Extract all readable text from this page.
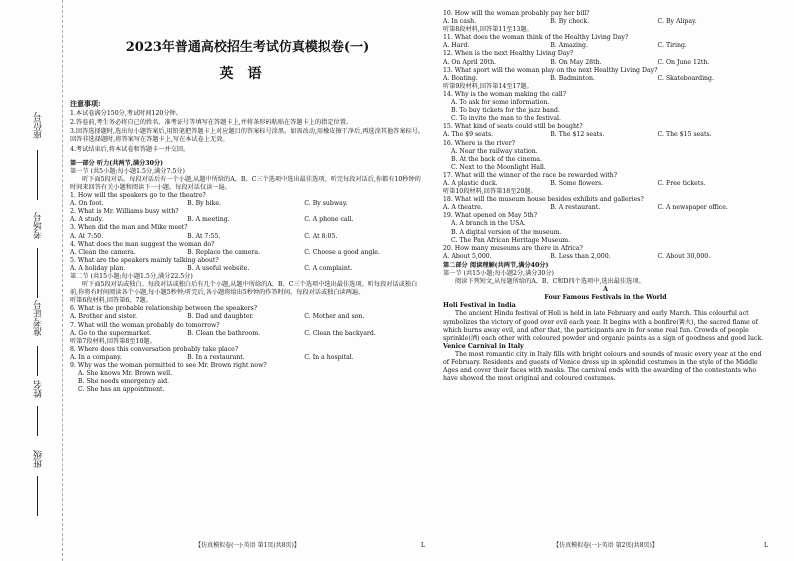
座位号
考场号
准考证号
姓名
班级
2023年普通高校招生考试仿真模拟卷(一)
英语
注意事项:

1.本试卷满分150分,考试时间120分钟。

2.答卷前,考生务必将自己的姓名、准考证号等填写在答题卡上,并将条形码粘贴在答题卡上的指定位置。

3.回答选择题时,选出每小题答案后,用铅笔把答题卡上对应题目的答案标号涂黑。如需改动,用橡皮擦干净后,再选涂其他答案标号。回答非选择题时,将答案写在答题卡上,写在本试卷上无效。

4.考试结束后,将本试卷和答题卡一并交回。

第一部分 听力(共两节,满分30分)

第一节 (共5小题;每小题1.5分,满分7.5分)

听下面5段对话。每段对话后有一个小题,从题中所给的A、B、C三个选项中选出最佳选项。听完每段对话后,你都有10秒钟的时间来回答有关小题和阅读下一小题。每段对话仅读一遍。

1. How will the speakers go to the theatre?

A. On foot.	B. By bike.	C. By subway.

2. What is Mr. Williams busy with?

A. A study.	B. A meeting.	C. A phone call.

3. When did the man and Mike meet?

A. At 7:50.	B. At 7:55.	C. At 8:05.

4. What does the man suggest the woman do?

A. Clean the camera.	B. Replace the camera.	C. Choose a good angle.

5. What are the speakers mainly talking about?

A. A holiday plan.	B. A useful website.	C. A complaint.

第二节 (共15小题;每小题1.5分,满分22.5分)

听下面5段对话或独白。每段对话或独白后有几个小题,从题中所给的A、B、C三个选项中选出最佳选项。听每段对话或独白前,你将有时间阅读各个小题,每小题5秒钟;听完后,各小题将给出5秒钟的作答时间。每段对话或独白读两遍。

听第6段材料,回答第6、7题。

6. What is the probable relationship between the speakers?

A. Brother and sister.	B. Dad and daughter.	C. Mother and son.

7. What will the woman probably do tomorrow?

A. Go to the supermarket.	B. Clean the bathroom.	C. Clean the backyard.

听第7段材料,回答第8至10题。

8. Where does this conversation probably take place?

A. In a company.	B. In a restaurant.	C. In a hospital.

9. Why was the woman permitted to see Mr. Brown right now?

A. She knows Mr. Brown well.

B. She needs emergency aid.

C. She has an appointment.

【仿真模拟卷(一)·英语 第1页(共8页)】	L

10. How will the woman probably pay her bill?

A. In cash.	B. By check.	C. By Alipay.

听第8段材料,回答第11至13题。

11. What does the woman think of the Healthy Living Day?

A. Hard.	B. Amazing.	C. Tiring.

12. When is the next Healthy Living Day?

A. On April 20th.	B. On May 28th.	C. On June 12th.

13. What sport will the woman play on the next Healthy Living Day?

A. Boating.	B. Badminton.	C. Skateboarding.

听第9段材料,回答第14至17题。

14. Why is the woman making the call?

A. To ask for some information.

B. To buy tickets for the jazz band.

C. To invite the man to the festival.

15. What kind of seats could still be bought?

A. The $9 seats.	B. The $12 seats.	C. The $15 seats.

16. Where is the river?

A. Near the railway station.

B. At the back of the cinema.

C. Next to the Moonlight Hall.

17. What will the winner of the race be rewarded with?

A. A plastic duck.	B. Some flowers.	C. Free tickets.

听第10段材料,回答第18至20题。

18. What will the museum house besides exhibits and galleries?

A. A theatre.	B. A restaurant.	C. A newspaper office.

19. What opened on May 5th?

A. A branch in the USA.

B. A digital version of the museum.

C. The Pan African Heritage Museum.

20. How many museums are there in Africa?

A. About 5,000.	B. Less than 2,000.	C. About 30,000.

第二部分 阅读理解(共两节,满分40分)

第一节 (共15小题;每小题2分,满分30分)

阅读下列短文,从每题所给的A、B、C和D四个选项中,选出最佳选项。

A

Four Famous Festivals in the World

Holi Festival in India

The ancient Hindu festival of Holi is held in late February and early March. This colourful act symbolizes the victory of good over evil each year. It begins with a bonfire(篝火), the sacred flame of which burns away evil, and after that, the participants are in for some real fun. Crowds of people sprinkle(洒) each other with coloured powder and organic paints as a sign of goodness and good luck.

Venice Carnival in Italy

The most romantic city in Italy fills with bright colours and sounds of music every year at the end of February. Residents and guests of Venice dress up in splendid costumes in the style of the Middle Ages and cover their faces with masks. The carnival ends with the awarding of the contestants who have showed the most original and coloured costumes.

【仿真模拟卷(一)·英语 第2页(共8页)】	L
